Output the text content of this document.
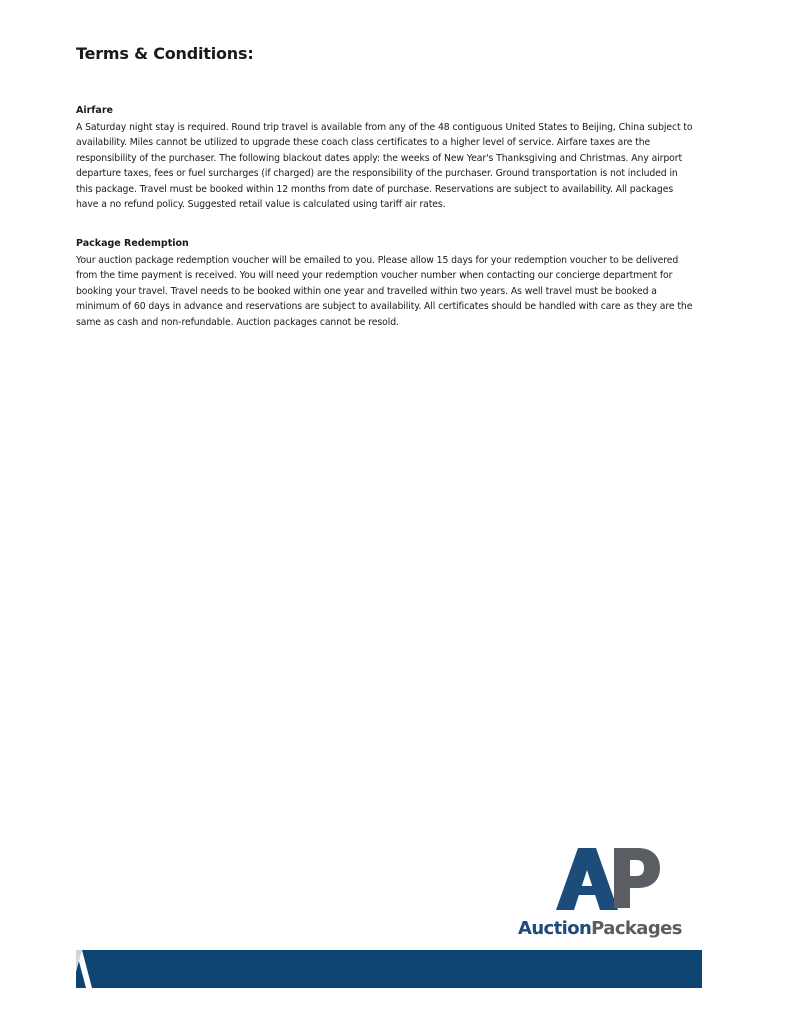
Terms & Conditions:

Airfare

A Saturday night stay is required. Round trip travel is available from any of the 48 contiguous United States to Beijing, China subject to availability. Miles cannot be utilized to upgrade these coach class certificates to a higher level of service. Airfare taxes are the responsibility of the purchaser. The following blackout dates apply: the weeks of New Year's Thanksgiving and Christmas. Any airport departure taxes, fees or fuel surcharges (if charged) are the responsibility of the purchaser. Ground transportation is not included in this package. Travel must be booked within 12 months from date of purchase. Reservations are subject to availability. All packages have a no refund policy. Suggested retail value is calculated using tariff air rates.

Package Redemption

Your auction package redemption voucher will be emailed to you. Please allow 15 days for your redemption voucher to be delivered from the time payment is received. You will need your redemption voucher number when contacting our concierge department for booking your travel. Travel needs to be booked within one year and travelled within two years. As well travel must be booked a minimum of 60 days in advance and reservations are subject to availability. All certificates should be handled with care as they are the same as cash and non-refundable. Auction packages cannot be resold.

AuctionPackages
